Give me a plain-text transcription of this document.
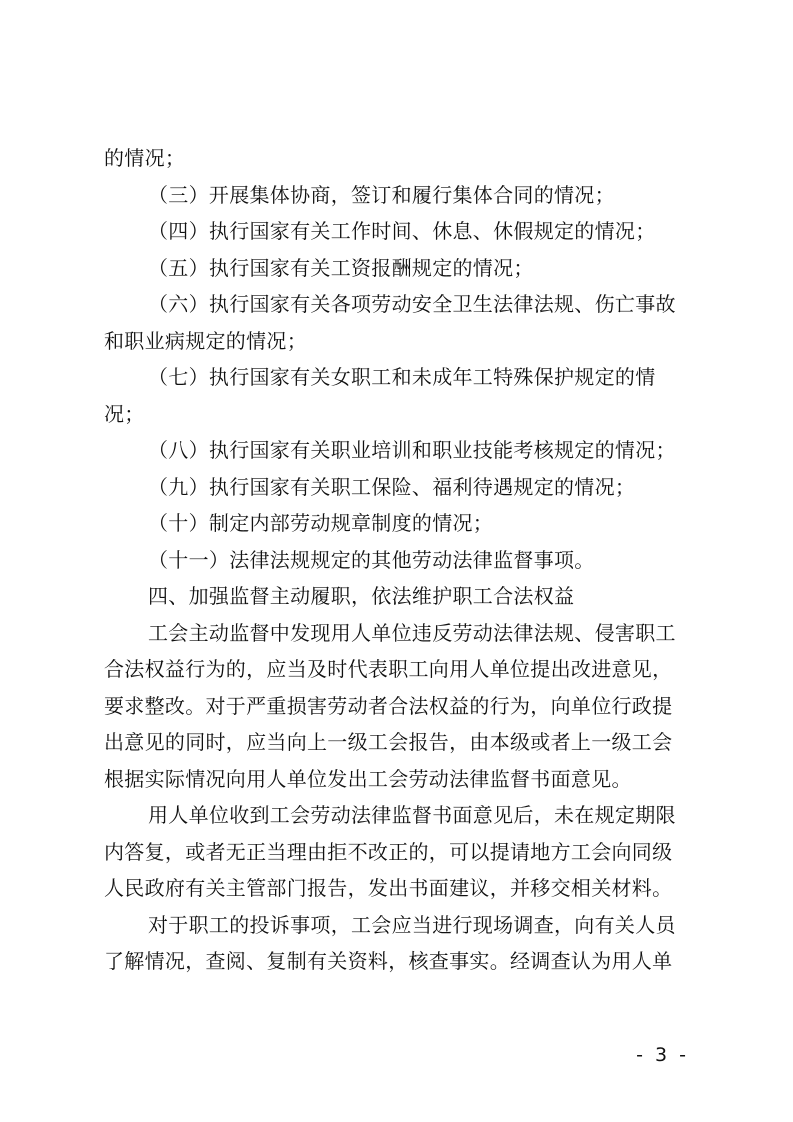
的情况；
（三）开展集体协商，签订和履行集体合同的情况；
（四）执行国家有关工作时间、休息、休假规定的情况；
（五）执行国家有关工资报酬规定的情况；
（六）执行国家有关各项劳动安全卫生法律法规、伤亡事故
和职业病规定的情况；
（七）执行国家有关女职工和未成年工特殊保护规定的情
况；
（八）执行国家有关职业培训和职业技能考核规定的情况；
（九）执行国家有关职工保险、福利待遇规定的情况；
（十）制定内部劳动规章制度的情况；
（十一）法律法规规定的其他劳动法律监督事项。
四、加强监督主动履职，依法维护职工合法权益
工会主动监督中发现用人单位违反劳动法律法规、侵害职工
合法权益行为的，应当及时代表职工向用人单位提出改进意见，
要求整改。对于严重损害劳动者合法权益的行为，向单位行政提
出意见的同时，应当向上一级工会报告，由本级或者上一级工会
根据实际情况向用人单位发出工会劳动法律监督书面意见。
用人单位收到工会劳动法律监督书面意见后，未在规定期限
内答复，或者无正当理由拒不改正的，可以提请地方工会向同级
人民政府有关主管部门报告，发出书面建议，并移交相关材料。
对于职工的投诉事项，工会应当进行现场调查，向有关人员
了解情况，查阅、复制有关资料，核查事实。经调查认为用人单
- 3 -
